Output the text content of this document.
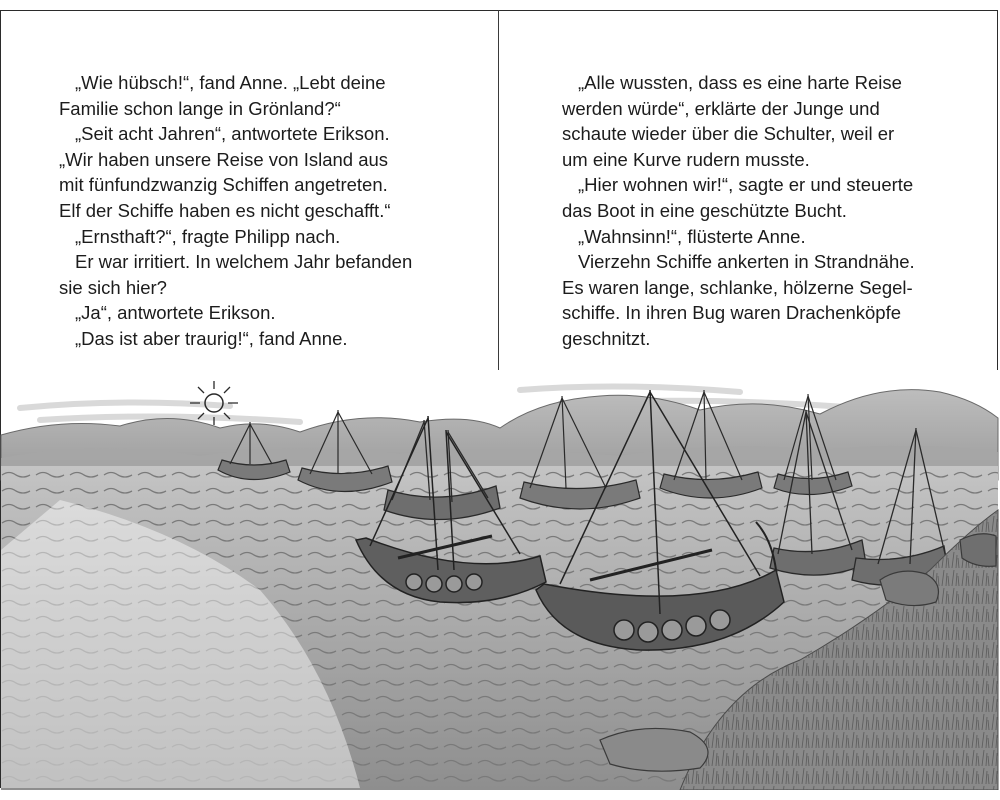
„Wie hübsch!“, fand Anne. „Lebt deine

Familie schon lange in Grönland?“

„Seit acht Jahren“, antwortete Erikson.

„Wir haben unsere Reise von Island aus

mit fünfundzwanzig Schiffen angetreten.

Elf der Schiffe haben es nicht geschafft.“

„Ernsthaft?“, fragte Philipp nach.

Er war irritiert. In welchem Jahr befanden

sie sich hier?

„Ja“, antwortete Erikson.

„Das ist aber traurig!“, fand Anne.

„Alle wussten, dass es eine harte Reise

werden würde“, erklärte der Junge und

schaute wieder über die Schulter, weil er

um eine Kurve rudern musste.

„Hier wohnen wir!“, sagte er und steuerte

das Boot in eine geschützte Bucht.

„Wahnsinn!“, flüsterte Anne.

Vierzehn Schiffe ankerten in Strandnähe.

Es waren lange, schlanke, hölzerne Segel-

schiffe. In ihren Bug waren Drachenköpfe

geschnitzt.
